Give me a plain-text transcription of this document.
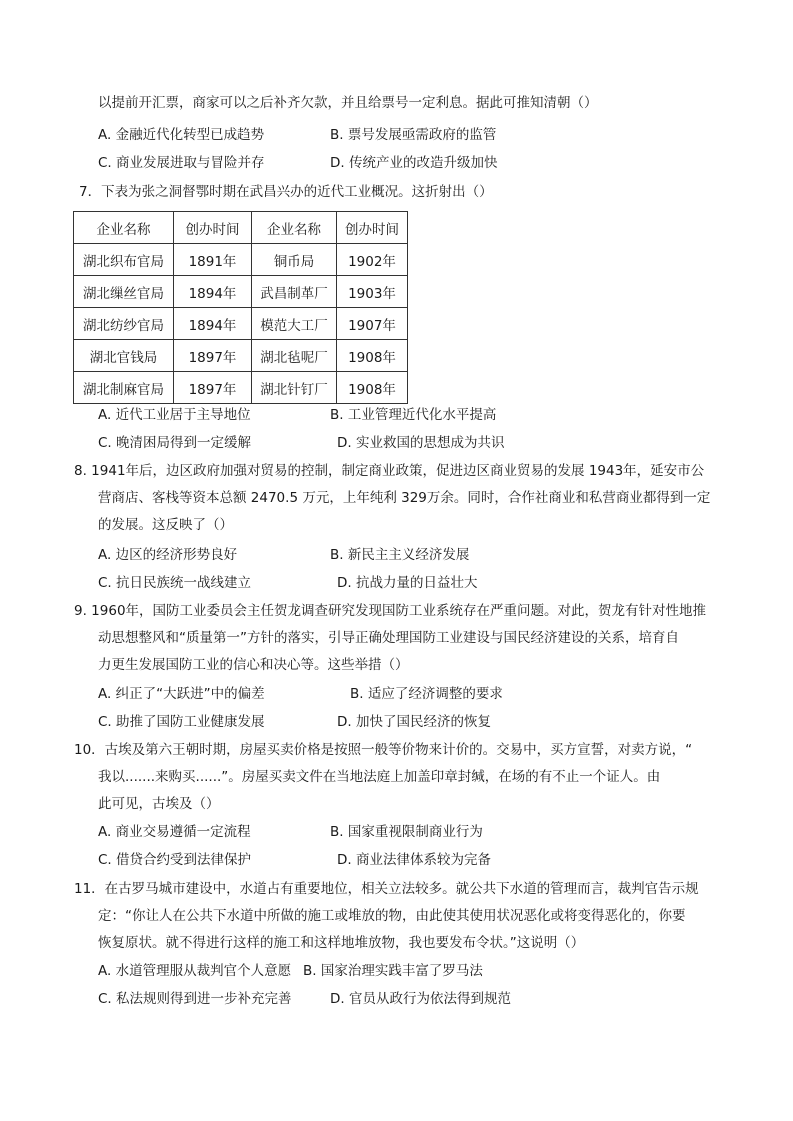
以提前开汇票，商家可以之后补齐欠款，并且给票号一定利息。据此可推知清朝（）
A. 金融近代化转型已成趋势	B. 票号发展亟需政府的监管
C. 商业发展进取与冒险并存	D. 传统产业的改造升级加快
7．下表为张之洞督鄂时期在武昌兴办的近代工业概况。这折射出（）
企业名称	创办时间	企业名称	创办时间
湖北织布官局	1891年	铜币局	1902年
湖北缫丝官局	1894年	武昌制革厂	1903年
湖北纺纱官局	1894年	模范大工厂	1907年
湖北官钱局	1897年	湖北毡呢厂	1908年
湖北制麻官局	1897年	湖北针钉厂	1908年
A. 近代工业居于主导地位	B. 工业管理近代化水平提高
C. 晚清困局得到一定缓解	D. 实业救国的思想成为共识
8. 1941年后，边区政府加强对贸易的控制，制定商业政策，促进边区商业贸易的发展 1943年，延安市公
营商店、客栈等资本总额 2470.5 万元，上年纯利 329万余。同时，合作社商业和私营商业都得到一定
的发展。这反映了（）
A. 边区的经济形势良好	B. 新民主主义经济发展
C. 抗日民族统一战线建立	D. 抗战力量的日益壮大
9. 1960年，国防工业委员会主任贺龙调查研究发现国防工业系统存在严重问题。对此，贺龙有针对性地推
动思想整风和“质量第一”方针的落实，引导正确处理国防工业建设与国民经济建设的关系，培育自
力更生发展国防工业的信心和决心等。这些举措（）
A. 纠正了“大跃进”中的偏差	B. 适应了经济调整的要求
C. 助推了国防工业健康发展	D. 加快了国民经济的恢复
10．古埃及第六王朝时期，房屋买卖价格是按照一般等价物来计价的。交易中，买方宣誓，对卖方说，“
我以.......来购买......”。房屋买卖文件在当地法庭上加盖印章封缄，在场的有不止一个证人。由
此可见，古埃及（）
A. 商业交易遵循一定流程	B. 国家重视限制商业行为
C. 借贷合约受到法律保护	D. 商业法律体系较为完备
11．在古罗马城市建设中，水道占有重要地位，相关立法较多。就公共下水道的管理而言，裁判官告示规
定：“你让人在公共下水道中所做的施工或堆放的物，由此使其使用状况恶化或将变得恶化的，你要
恢复原状。就不得进行这样的施工和这样地堆放物，我也要发布令状。”这说明（）
A. 水道管理服从裁判官个人意愿 B. 国家治理实践丰富了罗马法
C. 私法规则得到进一步补充完善	D. 官员从政行为依法得到规范
